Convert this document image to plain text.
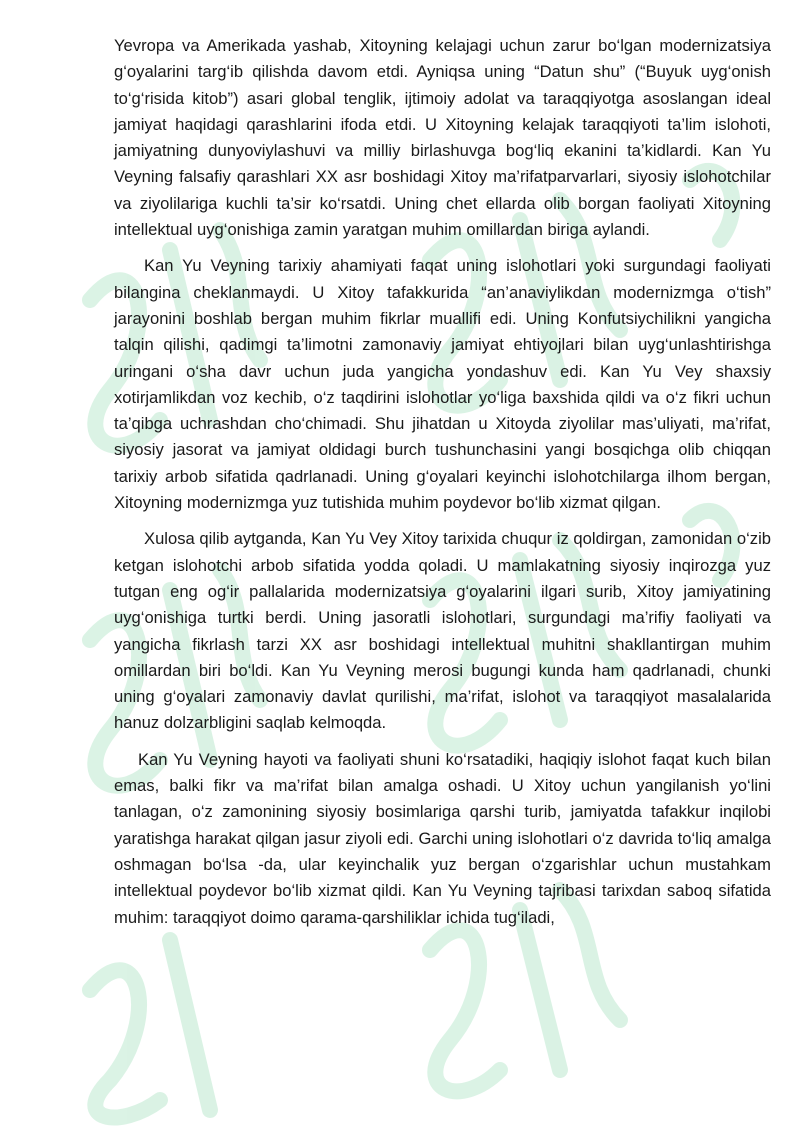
Yevropa va Amerikada yashab, Xitoyning kelajagi uchun zarur bo‘lgan modernizatsiya g‘oyalarini targ‘ib qilishda davom etdi. Ayniqsa uning “Datun shu” (“Buyuk uyg‘onish to‘g‘risida kitob”) asari global tenglik, ijtimoiy adolat va taraqqiyotga asoslangan ideal jamiyat haqidagi qarashlarini ifoda etdi. U Xitoyning kelajak taraqqiyoti ta’lim islohoti, jamiyatning dunyoviylashuvi va milliy birlashuvga bog‘liq ekanini ta’kidlardi. Kan Yu Veyning falsafiy qarashlari XX asr boshidagi Xitoy ma’rifatparvarlari, siyosiy islohotchilar va ziyolilariga kuchli ta’sir ko‘rsatdi. Uning chet ellarda olib borgan faoliyati Xitoyning intellektual uyg‘onishiga zamin yaratgan muhim omillardan biriga aylandi.

Kan Yu Veyning tarixiy ahamiyati faqat uning islohotlari yoki surgundagi faoliyati bilangina cheklanmaydi. U Xitoy tafakkurida “an’anaviylikdan modernizmga o‘tish” jarayonini boshlab bergan muhim fikrlar muallifi edi. Uning Konfutsiychilikni yangicha talqin qilishi, qadimgi ta’limotni zamonaviy jamiyat ehtiyojlari bilan uyg‘unlashtirishga uringani o‘sha davr uchun juda yangicha yondashuv edi. Kan Yu Vey shaxsiy xotirjamlikdan voz kechib, o‘z taqdirini islohotlar yo‘liga baxshida qildi va o‘z fikri uchun ta’qibga uchrashdan cho‘chimadi. Shu jihatdan u Xitoyda ziyolilar mas’uliyati, ma’rifat, siyosiy jasorat va jamiyat oldidagi burch tushunchasini yangi bosqichga olib chiqqan tarixiy arbob sifatida qadrlanadi. Uning g‘oyalari keyinchi islohotchilarga ilhom bergan, Xitoyning modernizmga yuz tutishida muhim poydevor bo‘lib xizmat qilgan.

Xulosa qilib aytganda, Kan Yu Vey Xitoy tarixida chuqur iz qoldirgan, zamonidan o‘zib ketgan islohotchi arbob sifatida yodda qoladi. U mamlakatning siyosiy inqirozga yuz tutgan eng og‘ir pallalarida modernizatsiya g‘oyalarini ilgari surib, Xitoy jamiyatining uyg‘onishiga turtki berdi. Uning jasoratli islohotlari, surgundagi ma’rifiy faoliyati va yangicha fikrlash tarzi XX asr boshidagi intellektual muhitni shakllantirgan muhim omillardan biri bo‘ldi. Kan Yu Veyning merosi bugungi kunda ham qadrlanadi, chunki uning g‘oyalari zamonaviy davlat qurilishi, ma’rifat, islohot va taraqqiyot masalalarida hanuz dolzarbligini saqlab kelmoqda.

Kan Yu Veyning hayoti va faoliyati shuni ko‘rsatadiki, haqiqiy islohot faqat kuch bilan emas, balki fikr va ma’rifat bilan amalga oshadi. U Xitoy uchun yangilanish yo‘lini tanlagan, o‘z zamonining siyosiy bosimlariga qarshi turib, jamiyatda tafakkur inqilobi yaratishga harakat qilgan jasur ziyoli edi. Garchi uning islohotlari o‘z davrida to‘liq amalga oshmagan bo‘lsa -da, ular keyinchalik yuz bergan o‘zgarishlar uchun mustahkam intellektual poydevor bo‘lib xizmat qildi. Kan Yu Veyning tajribasi tarixdan saboq sifatida muhim: taraqqiyot doimo qarama-qarshiliklar ichida tug‘iladi,
